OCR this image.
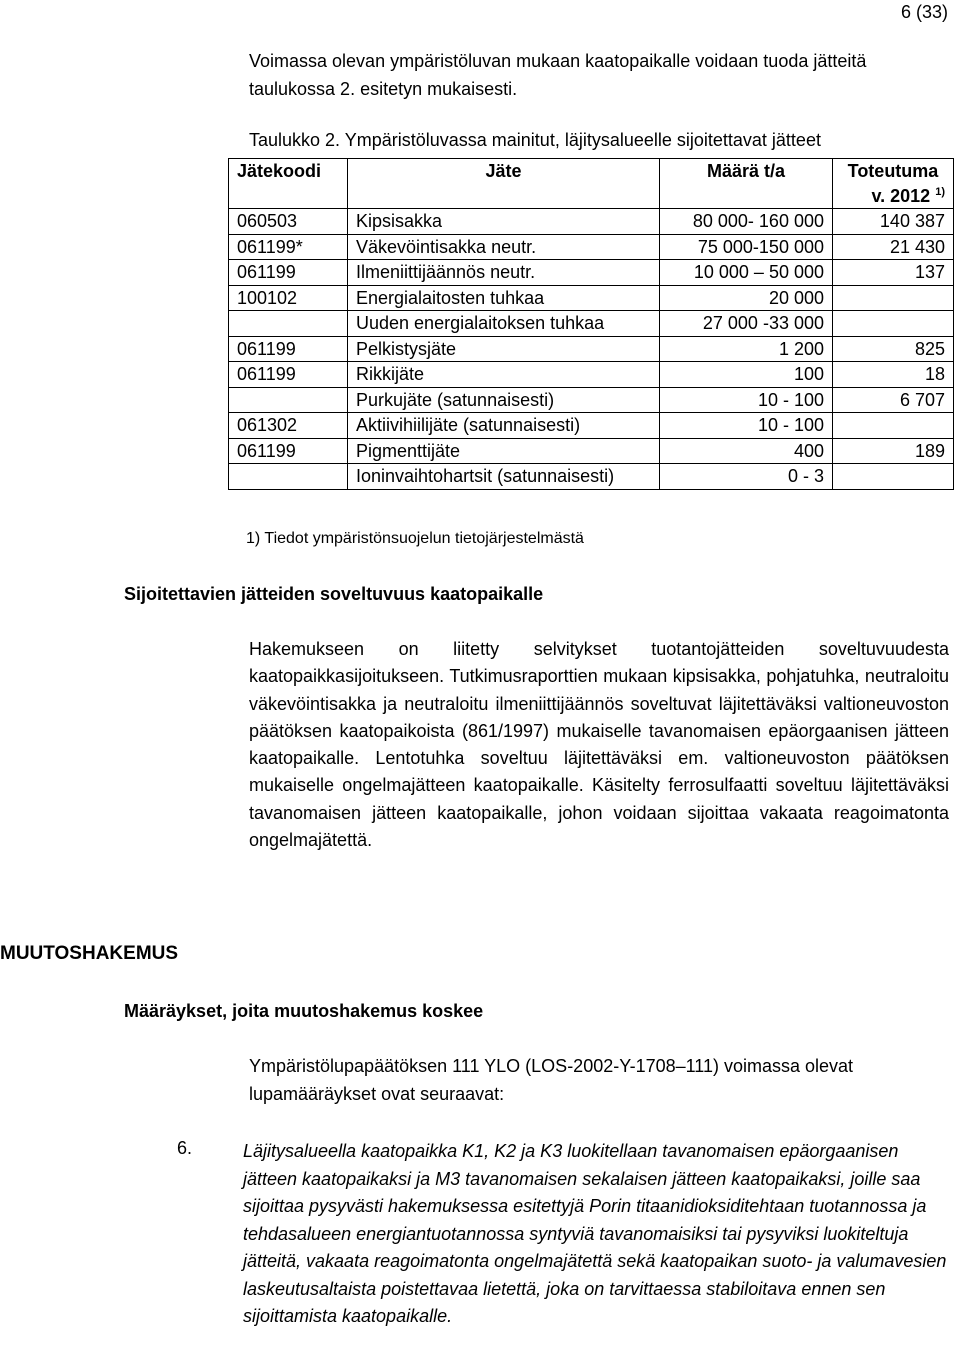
6 (33)
Voimassa olevan ympäristöluvan mukaan kaatopaikalle voidaan tuoda jätteitä taulukossa 2. esitetyn mukaisesti.
Taulukko 2. Ympäristöluvassa mainitut, läjitysalueelle sijoitettavat jätteet
Jätekoodi	Jäte	Määrä t/a	Toteutuma
v. 2012 $^{1)}$

060503	Kipsisakka	80 000- 160 000	140 387
061199*	Väkevöintisakka neutr.	75 000-150 000	21 430
061199	Ilmeniittijäännös neutr.	10 000 – 50 000	137
100102	Energialaitosten tuhkaa	20 000	
	Uuden energialaitoksen tuhkaa	27 000 -33 000	
061199	Pelkistysjäte	1 200	825
061199	Rikkijäte	100	18
	Purkujäte (satunnaisesti)	10 - 100	6 707
061302	Aktiivihiilijäte (satunnaisesti)	10 - 100	
061199	Pigmenttijäte	400	189
	Ioninvaihtohartsit (satunnaisesti)	0 - 3	
1) Tiedot ympäristönsuojelun tietojärjestelmästä
Sijoitettavien jätteiden soveltuvuus kaatopaikalle
Hakemukseen on liitetty selvitykset tuotantojätteiden soveltuvuudesta kaatopaikkasijoitukseen. Tutkimusraporttien mukaan kipsisakka, pohjatuhka, neutraloitu väkevöintisakka ja neutraloitu ilmeniittijäännös soveltuvat läjitettäväksi valtioneuvoston päätöksen kaatopaikoista (861/1997) mukaiselle tavanomaisen epäorgaanisen jätteen kaatopaikalle. Lentotuhka soveltuu läjitettäväksi em. valtioneuvoston päätöksen mukaiselle ongelmajätteen kaatopaikalle. Käsitelty ferrosulfaatti soveltuu läjitettäväksi tavanomaisen jätteen kaatopaikalle, johon voidaan sijoittaa vakaata reagoimatonta ongelmajätettä.
MUUTOSHAKEMUS
Määräykset, joita muutoshakemus koskee
Ympäristölupapäätöksen 111 YLO (LOS-2002-Y-1708–111) voimassa olevat lupamääräykset ovat seuraavat:
6.	Läjitysalueella kaatopaikka K1, K2 ja K3 luokitellaan tavanomaisen epäorgaanisen jätteen kaatopaikaksi ja M3 tavanomaisen sekalaisen jätteen kaatopaikaksi, joille saa sijoittaa pysyvästi hakemuksessa esitettyjä Porin titaanidioksiditehtaan tuotannossa ja tehdasalueen energiantuotannossa syntyviä tavanomaisiksi tai pysyviksi luokiteltuja jätteitä, vakaata reagoimatonta ongelmajätettä sekä kaatopaikan suoto- ja valumavesien laskeutusaltaista poistettavaa lietettä, joka on tarvittaessa stabiloitava ennen sen sijoittamista kaatopaikalle.
